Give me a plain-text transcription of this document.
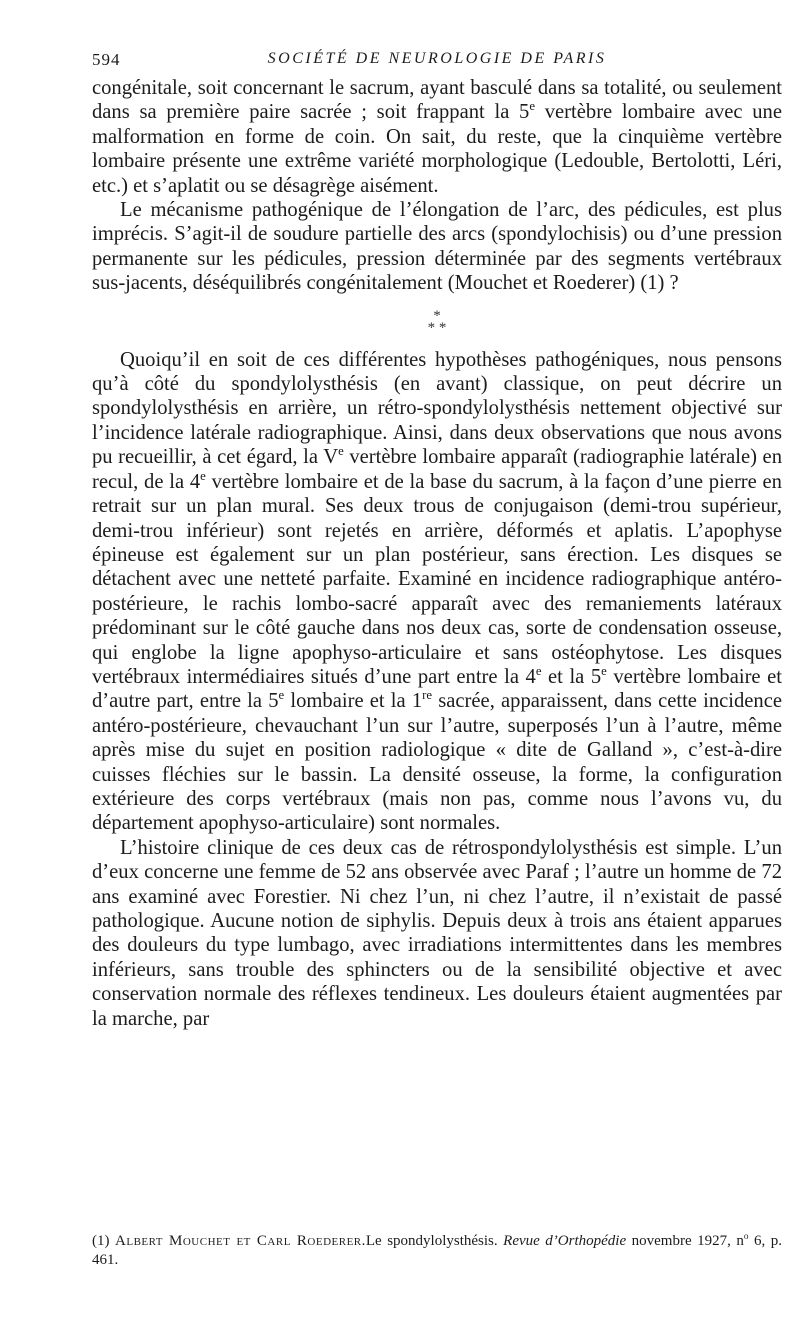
594	SOCIÉTÉ DE NEUROLOGIE DE PARIS

congénitale, soit concernant le sacrum, ayant basculé dans sa totalité, ou seulement dans sa première paire sacrée ; soit frappant la 5e vertèbre lombaire avec une malformation en forme de coin. On sait, du reste, que la cinquième vertèbre lombaire présente une extrême variété morphologique (Ledouble, Bertolotti, Léri, etc.) et s’aplatit ou se désagrège aisément.

Le mécanisme pathogénique de l’élongation de l’arc, des pédicules, est plus imprécis. S’agit-il de soudure partielle des arcs (spondylochisis) ou d’une pression permanente sur les pédicules, pression déterminée par des segments vertébraux sus-jacents, déséquilibrés congénitalement (Mouchet et Roederer) (1) ?

*
* *

Quoiqu’il en soit de ces différentes hypothèses pathogéniques, nous pensons qu’à côté du spondylolysthésis (en avant) classique, on peut décrire un spondylolysthésis en arrière, un rétro-spondylolysthésis nettement objectivé sur l’incidence latérale radiographique. Ainsi, dans deux observations que nous avons pu recueillir, à cet égard, la Ve vertèbre lombaire apparaît (radiographie latérale) en recul, de la 4e vertèbre lombaire et de la base du sacrum, à la façon d’une pierre en retrait sur un plan mural. Ses deux trous de conjugaison (demi-trou supérieur, demi-trou inférieur) sont rejetés en arrière, déformés et aplatis. L’apophyse épineuse est également sur un plan postérieur, sans érection. Les disques se détachent avec une netteté parfaite. Examiné en incidence radiographique antéro-postérieure, le rachis lombo-sacré apparaît avec des remaniements latéraux prédominant sur le côté gauche dans nos deux cas, sorte de condensation osseuse, qui englobe la ligne apophyso-articulaire et sans ostéophytose. Les disques vertébraux intermédiaires situés d’une part entre la 4e et la 5e vertèbre lombaire et d’autre part, entre la 5e lombaire et la 1re sacrée, apparaissent, dans cette incidence antéro-postérieure, chevauchant l’un sur l’autre, superposés l’un à l’autre, même après mise du sujet en position radiologique « dite de Galland », c’est-à-dire cuisses fléchies sur le bassin. La densité osseuse, la forme, la configuration extérieure des corps vertébraux (mais non pas, comme nous l’avons vu, du département apophyso-articulaire) sont normales.

L’histoire clinique de ces deux cas de rétrospondylolysthésis est simple. L’un d’eux concerne une femme de 52 ans observée avec Paraf ; l’autre un homme de 72 ans examiné avec Forestier. Ni chez l’un, ni chez l’autre, il n’existait de passé pathologique. Aucune notion de siphylis. Depuis deux à trois ans étaient apparues des douleurs du type lumbago, avec irradiations intermittentes dans les membres inférieurs, sans trouble des sphincters ou de la sensibilité objective et avec conservation normale des réflexes tendineux. Les douleurs étaient augmentées par la marche, par

(1) Albert Mouchet et Carl Roederer.Le spondylolysthésis. Revue d’Orthopédie novembre 1927, $n^o$ 6, p. 461.
